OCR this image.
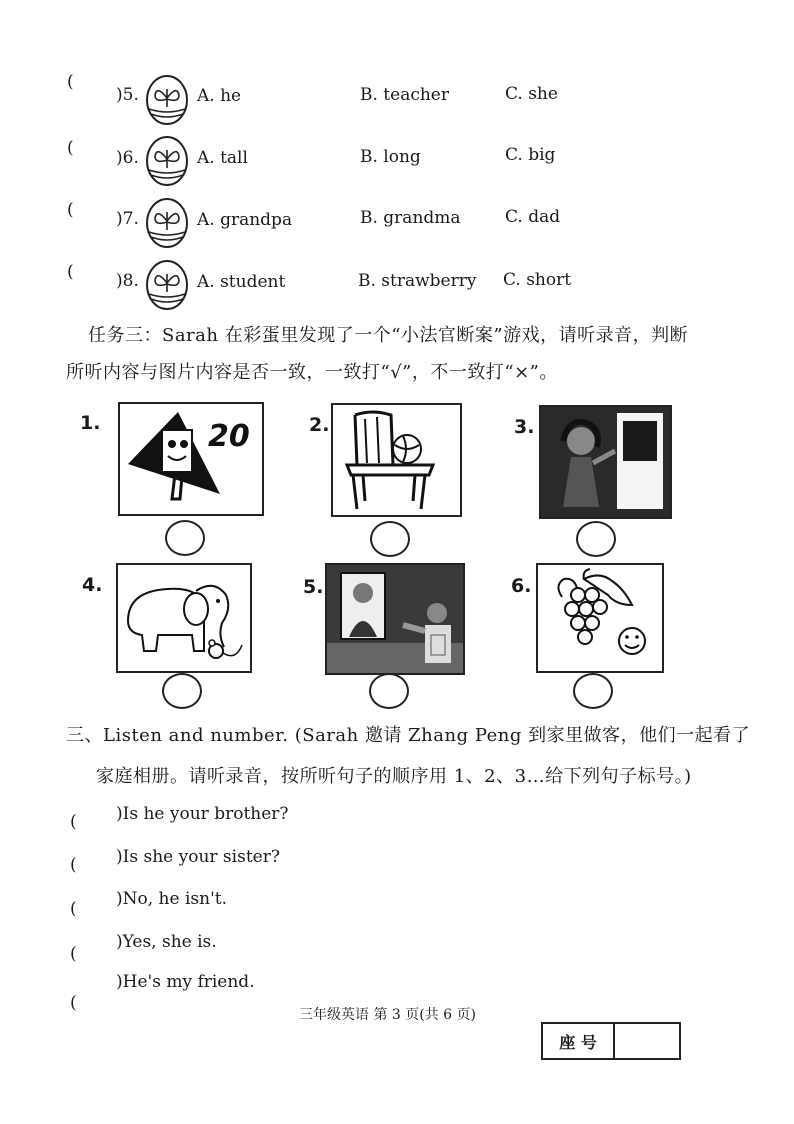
(
)5.	A. he	B. teacher	C. she
( )6.	A. tall	B. long	C. big
( )7.	A. grandpa	B. grandma	C. dad
( )8.	A. student	B. strawberry C. short
任务三：Sarah 在彩蛋里发现了一个“小法官断案”游戏，请听录音，判断
所听内容与图片内容是否一致，一致打“√”，不一致打“×”。
1.	20	2.	3.
4.	5.	6.
三、Listen and number. (Sarah 邀请 Zhang Peng 到家里做客，他们一起看了
家庭相册。请听录音，按所听句子的顺序用 1、2、3…给下列句子标号。)
( )Is he your brother?
( )Is she your sister?
( )No, he isn't.
(
)Yes, she is.
(
)He's my friend.
三年级英语 第 3 页(共 6 页)
座 号
